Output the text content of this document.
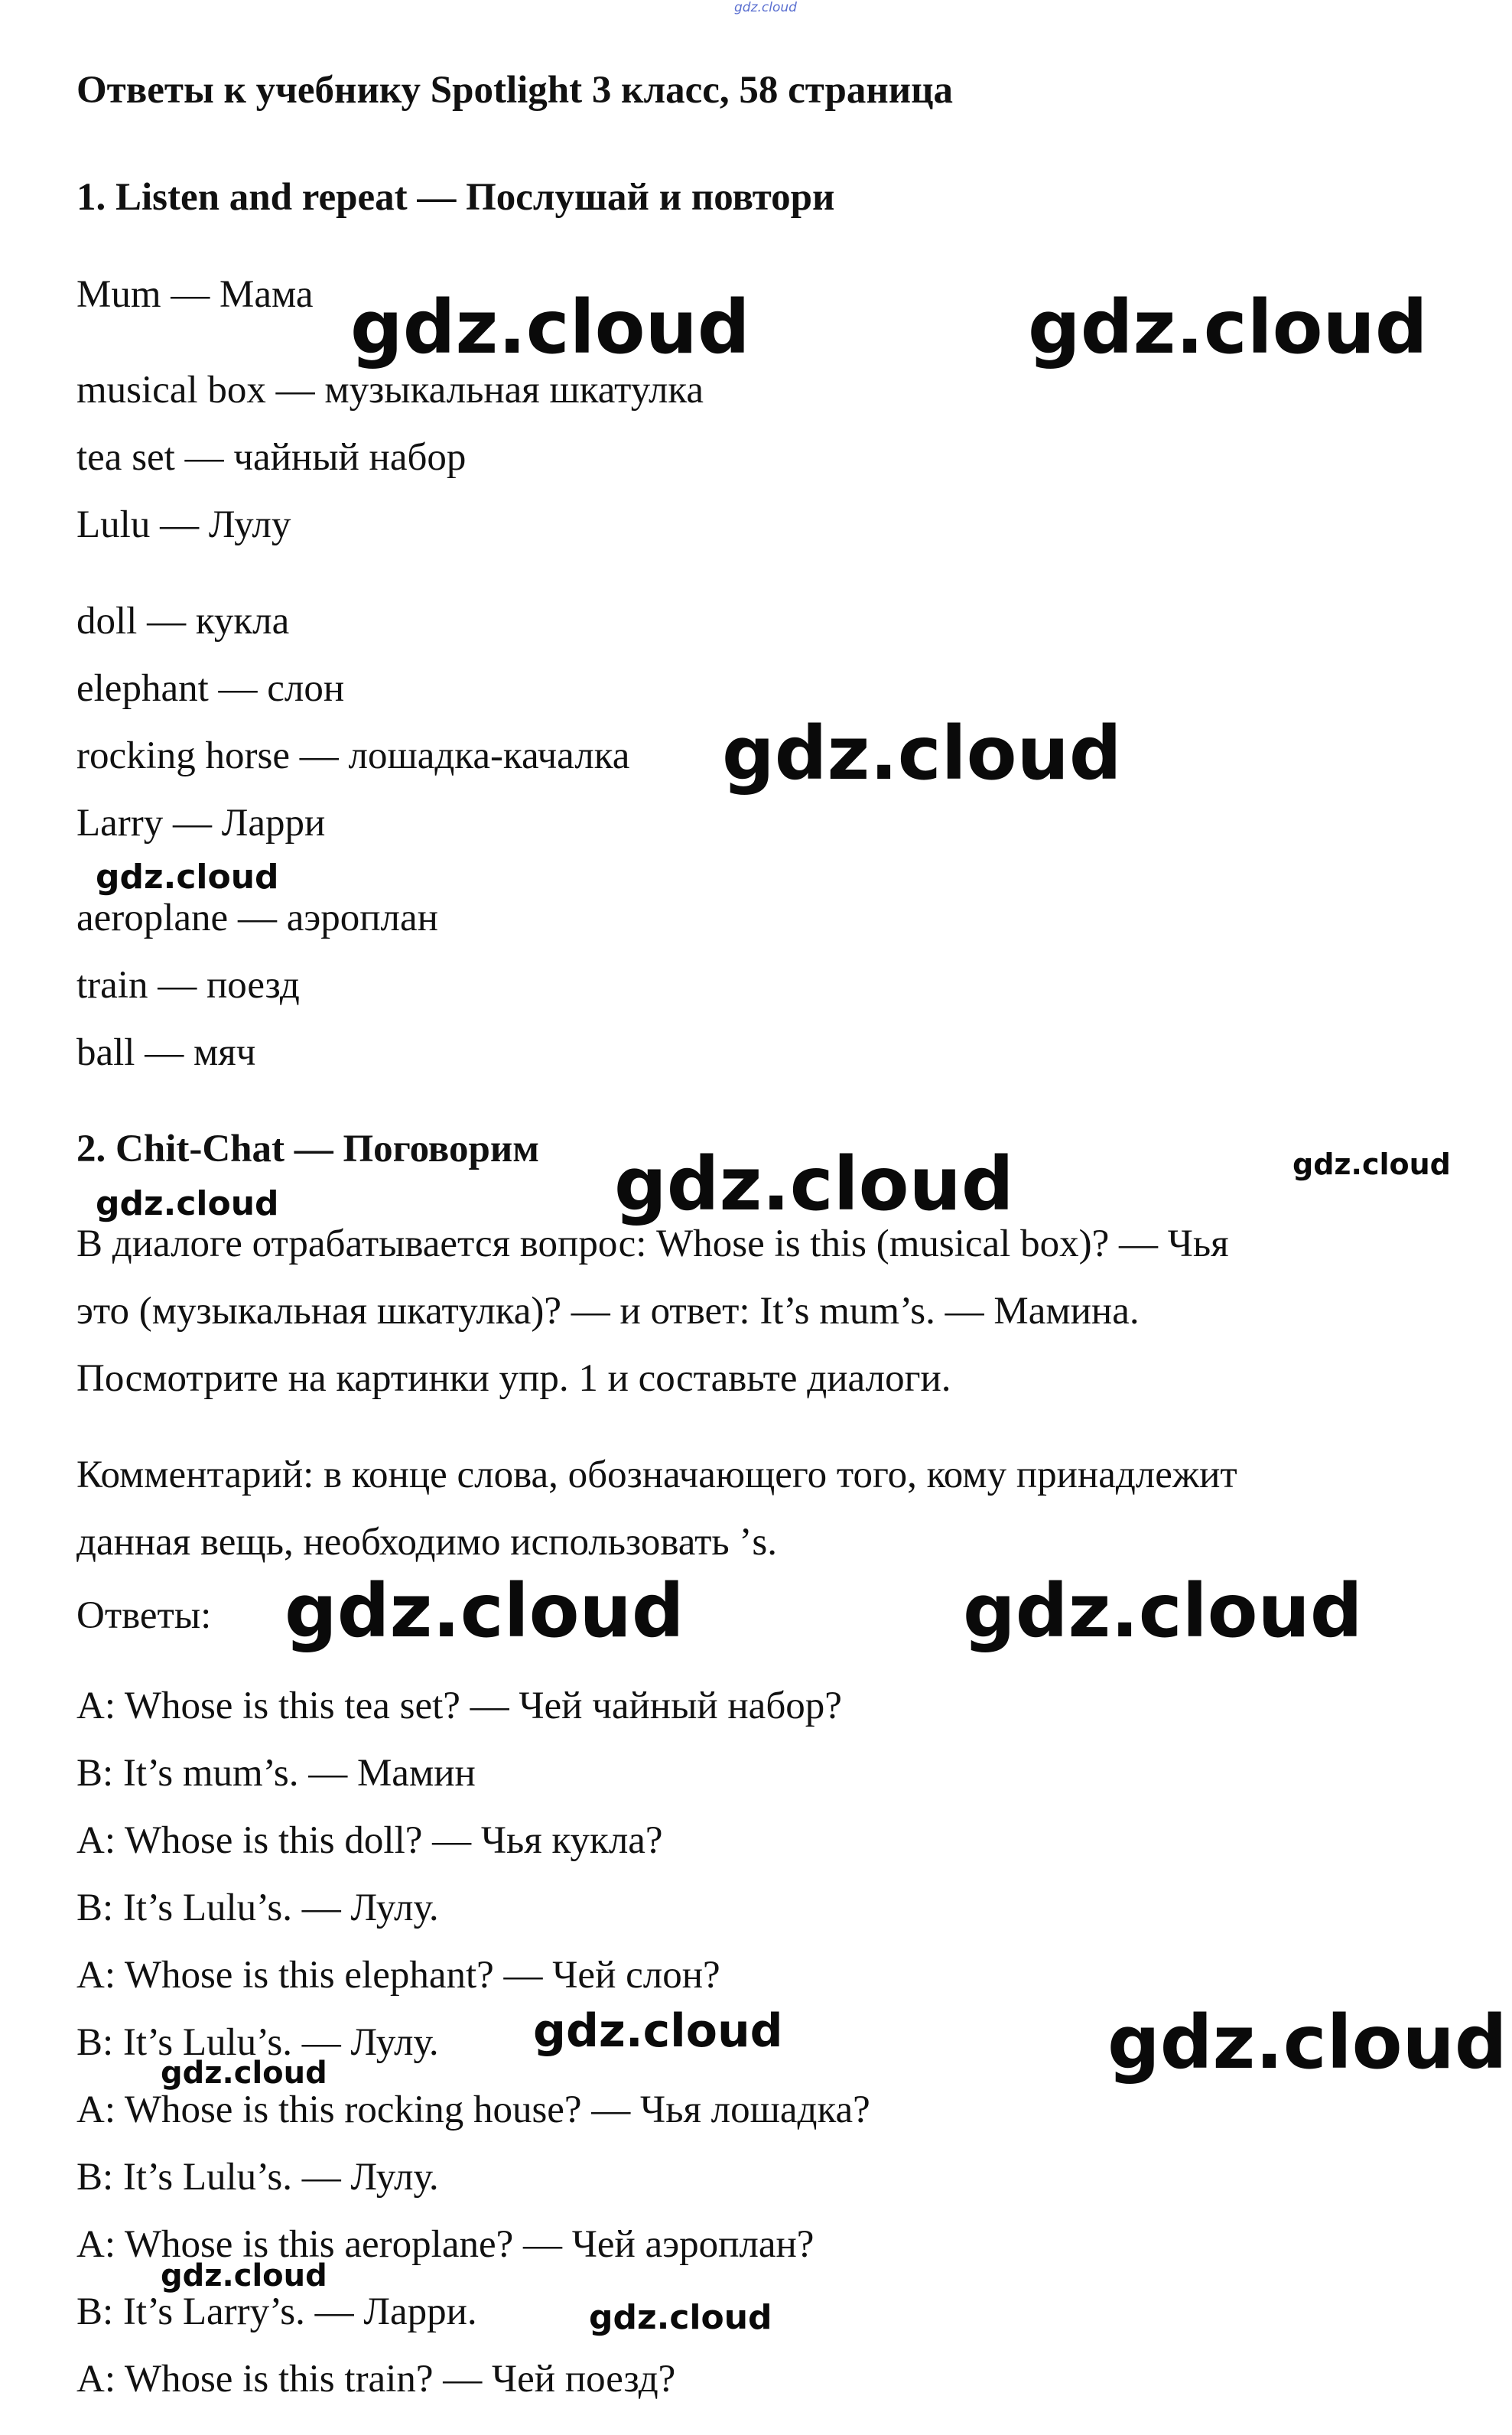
Ответы к учебнику Spotlight 3 класс, 58 страница
1. Listen and repeat — Послушай и повтори
Mum — Мама
musical box — музыкальная шкатулка
tea set — чайный набор
Lulu — Лулу
doll — кукла
elephant — слон
rocking horse — лошадка-качалка
Larry — Ларри
aeroplane — аэроплан
train — поезд
ball — мяч
2. Chit-Chat — Поговорим
В диалоге отрабатывается вопрос: Whose is this (musical box)? — Чья
это (музыкальная шкатулка)? — и ответ: It’s mum’s. — Мамина.
Посмотрите на картинки упр. 1 и составьте диалоги.
Комментарий: в конце слова, обозначающего того, кому принадлежит
данная вещь, необходимо использовать ’s.
Ответы:
A: Whose is this tea set? — Чей чайный набор?
B: It’s mum’s. — Мамин
A: Whose is this doll? — Чья кукла?
B: It’s Lulu’s. — Лулу.
A: Whose is this elephant? — Чей слон?
B: It’s Lulu’s. — Лулу.
A: Whose is this rocking house? — Чья лошадка?
B: It’s Lulu’s. — Лулу.
A: Whose is this aeroplane? — Чей аэроплан?
B: It’s Larry’s. — Ларри.
A: Whose is this train? — Чей поезд?
gdz.cloud
gdz.cloud	gdz.cloud
gdz.cloud
gdz.cloud
gdz.cloud	gdz.cloud
gdz.cloud
gdz.cloud	gdz.cloud
gdz.cloud	gdz.cloud
gdz.cloud
gdz.cloud
gdz.cloud
